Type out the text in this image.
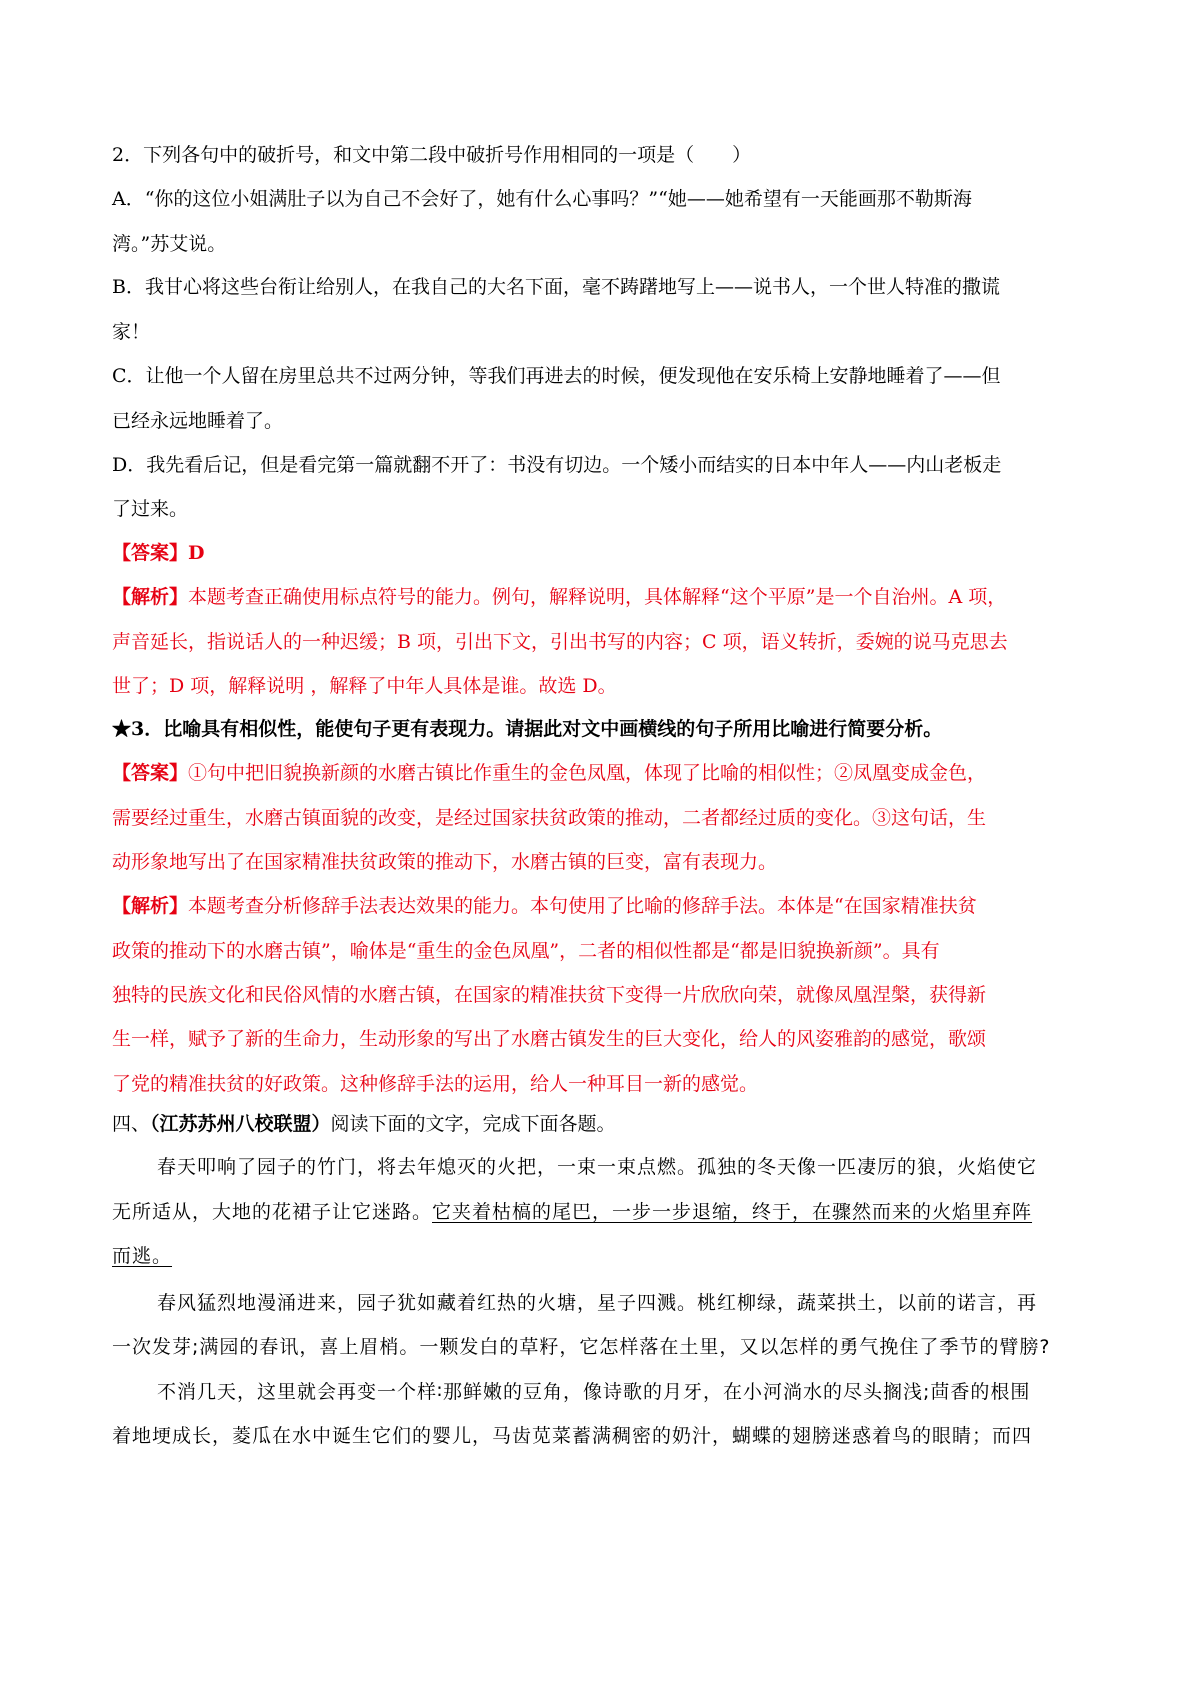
2．下列各句中的破折号，和文中第二段中破折号作用相同的一项是（　　）
A．“你的这位小姐满肚子以为自己不会好了，她有什么心事吗？”“她——她希望有一天能画那不勒斯海
湾。”苏艾说。
B．我甘心将这些台衔让给别人，在我自己的大名下面，毫不踌躇地写上——说书人，一个世人特准的撒谎
家！
C．让他一个人留在房里总共不过两分钟，等我们再进去的时候，便发现他在安乐椅上安静地睡着了——但
已经永远地睡着了。
D．我先看后记，但是看完第一篇就翻不开了：书没有切边。一个矮小而结实的日本中年人——内山老板走
了过来。
【答案】D
【解析】本题考查正确使用标点符号的能力。例句，解释说明，具体解释“这个平原”是一个自治州。A 项，
声音延长，指说话人的一种迟缓；B 项，引出下文，引出书写的内容；C 项，语义转折，委婉的说马克思去
世了；D 项，解释说明 ，解释了中年人具体是谁。故选 D。
★3．比喻具有相似性，能使句子更有表现力。请据此对文中画横线的句子所用比喻进行简要分析。
【答案】①句中把旧貌换新颜的水磨古镇比作重生的金色凤凰，体现了比喻的相似性；②凤凰变成金色，
需要经过重生，水磨古镇面貌的改变，是经过国家扶贫政策的推动，二者都经过质的变化。③这句话，生
动形象地写出了在国家精准扶贫政策的推动下，水磨古镇的巨变，富有表现力。
【解析】本题考查分析修辞手法表达效果的能力。本句使用了比喻的修辞手法。本体是“在国家精准扶贫
政策的推动下的水磨古镇”，喻体是“重生的金色凤凰”，二者的相似性都是“都是旧貌换新颜”。具有
独特的民族文化和民俗风情的水磨古镇，在国家的精准扶贫下变得一片欣欣向荣，就像凤凰涅槃，获得新
生一样，赋予了新的生命力，生动形象的写出了水磨古镇发生的巨大变化，给人的风姿雅韵的感觉，歌颂
了党的精准扶贫的好政策。这种修辞手法的运用，给人一种耳目一新的感觉。
四、（江苏苏州八校联盟）阅读下面的文字，完成下面各题。
春天叩响了园子的竹门，将去年熄灭的火把，一束一束点燃。孤独的冬天像一匹凄厉的狼，火焰使它
无所适从，大地的花裙子让它迷路。它夹着枯槁的尾巴，一步一步退缩，终于，在骤然而来的火焰里弃阵
而逃。
春风猛烈地漫涌进来，园子犹如藏着红热的火塘，星子四溅。桃红柳绿，蔬菜拱土，以前的诺言，再
一次发芽;满园的春讯，喜上眉梢。一颗发白的草籽，它怎样落在土里，又以怎样的勇气挽住了季节的臂膀?
不消几天，这里就会再变一个样∶那鲜嫩的豆角，像诗歌的月牙，在小河淌水的尽头搁浅;茴香的根围
着地埂成长，菱瓜在水中诞生它们的婴儿，马齿苋菜蓄满稠密的奶汁，蝴蝶的翅膀迷惑着鸟的眼睛；而四
